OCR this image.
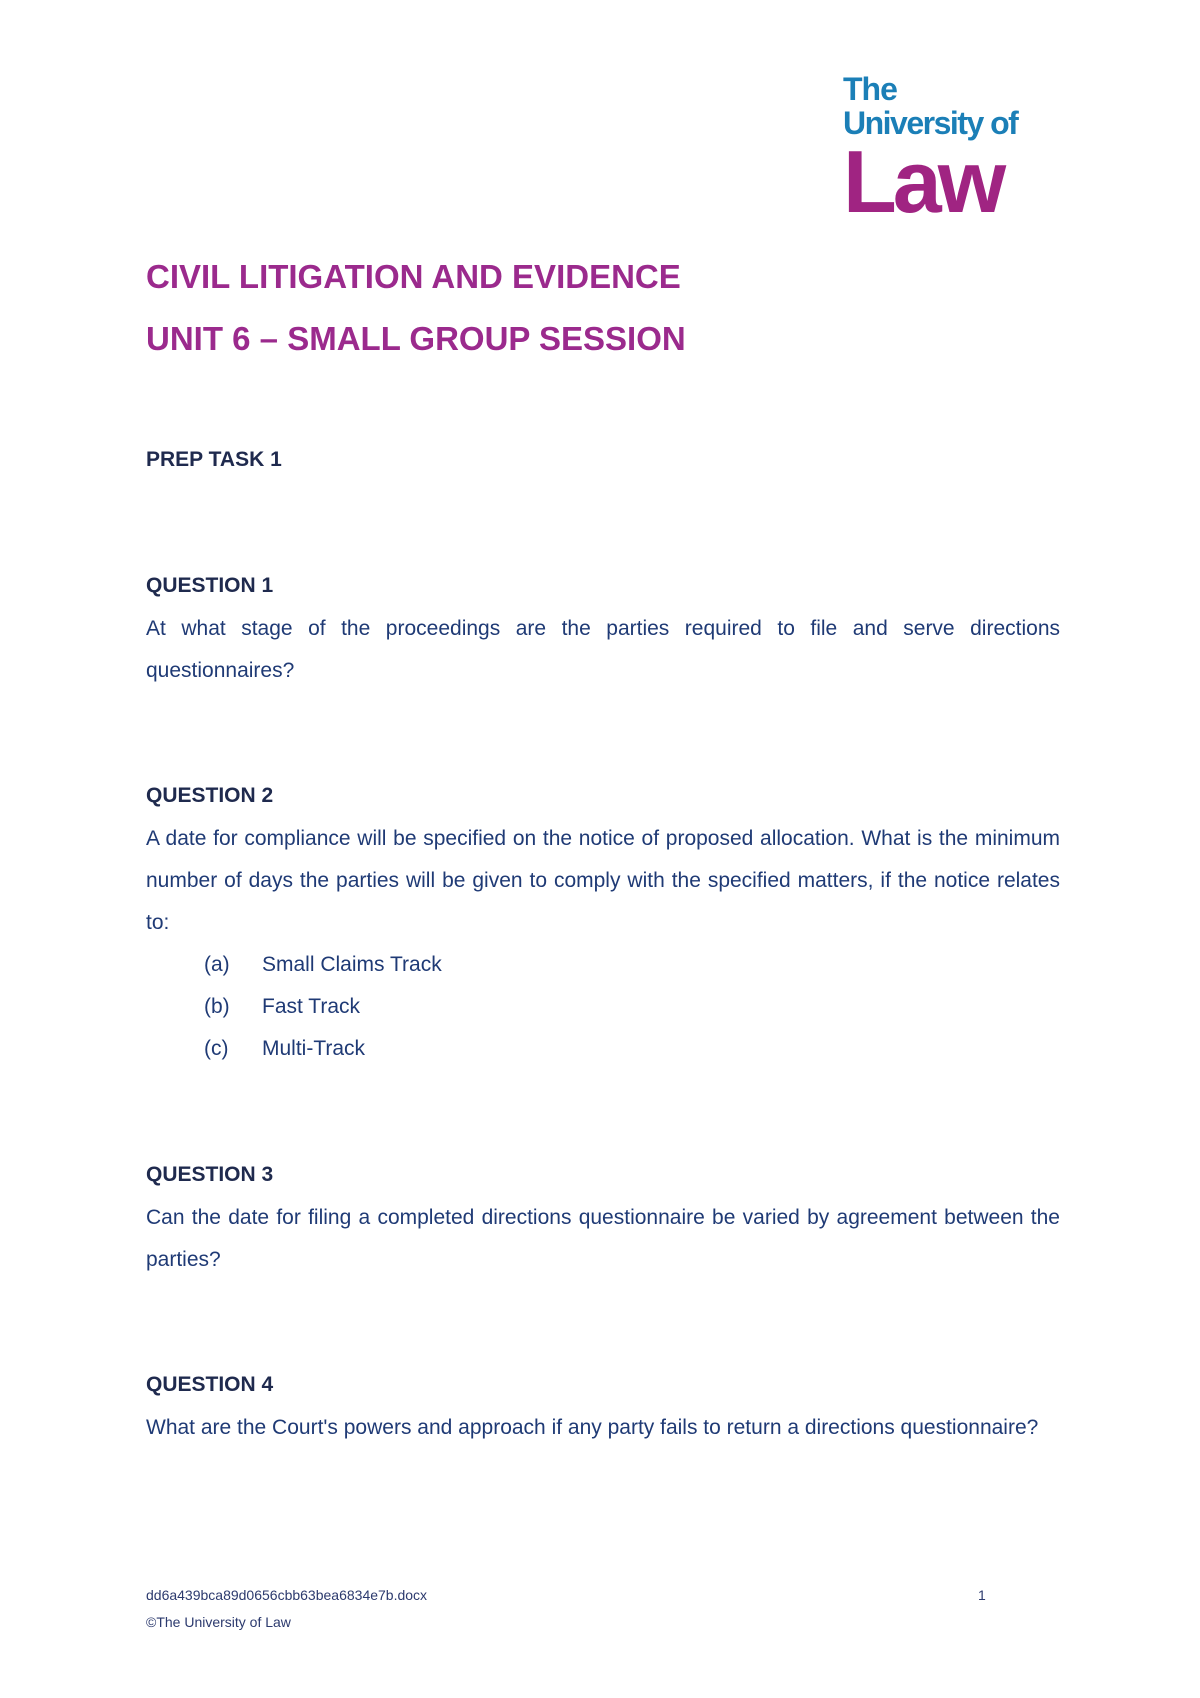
The
University of
Law
CIVIL LITIGATION AND EVIDENCE
UNIT 6 – SMALL GROUP SESSION
PREP TASK 1
QUESTION 1
At what stage of the proceedings are the parties required to file and serve directions questionnaires?
QUESTION 2
A date for compliance will be specified on the notice of proposed allocation. What is the minimum number of days the parties will be given to comply with the specified matters, if the notice relates to:
(a) Small Claims Track
(b) Fast Track
(c) Multi-Track
QUESTION 3
Can the date for filing a completed directions questionnaire be varied by agreement between the parties?
QUESTION 4
What are the Court's powers and approach if any party fails to return a directions questionnaire?
dd6a439bca89d0656cbb63bea6834e7b.docx	1
©The University of Law
